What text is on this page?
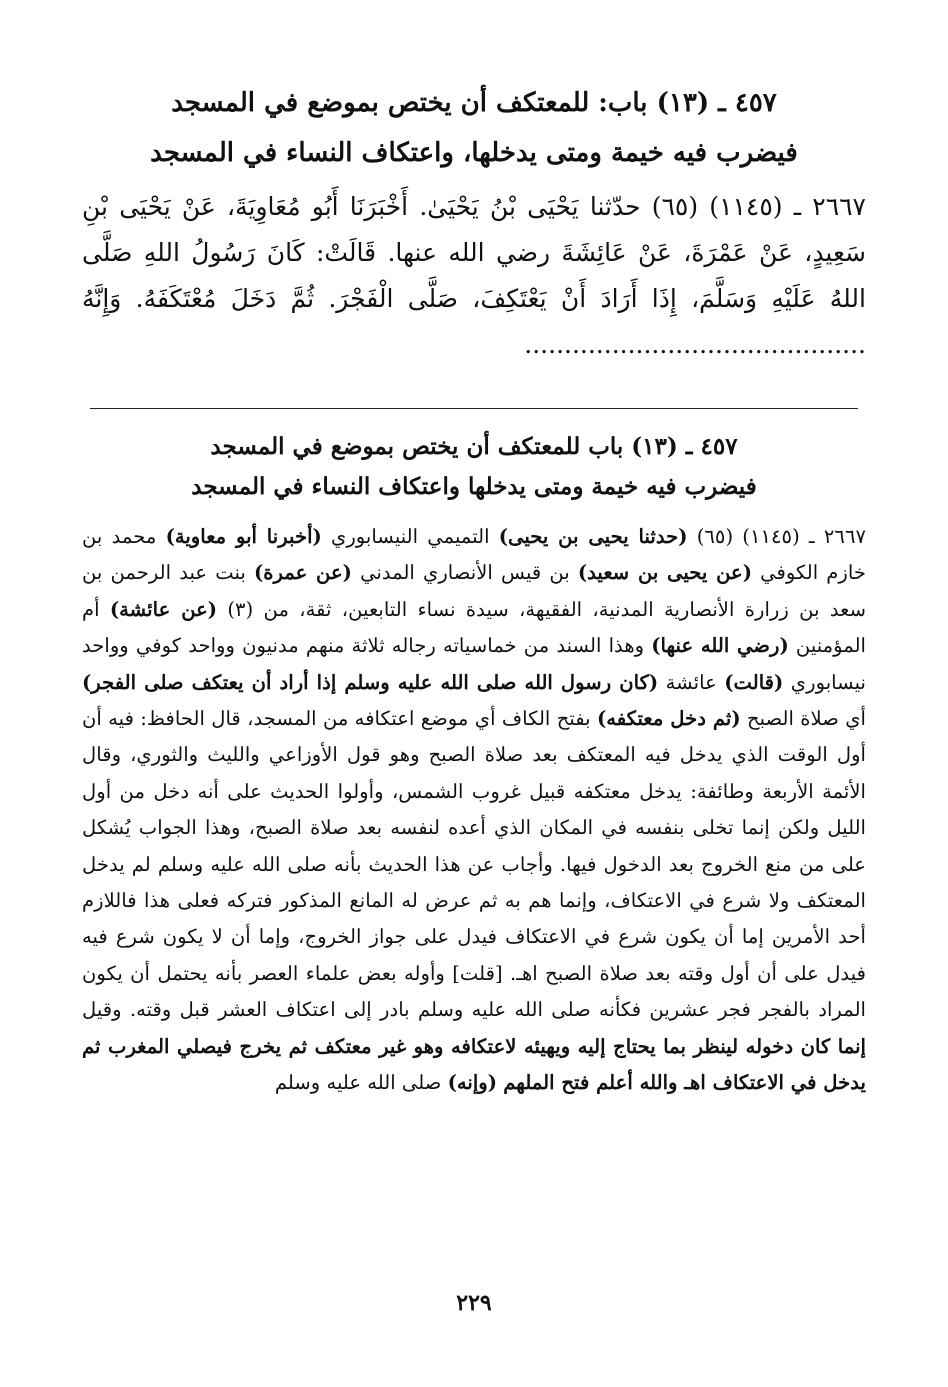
٤٥٧ ـ (١٣) باب: للمعتكف أن يختص بموضع في المسجد
فيضرب فيه خيمة ومتى يدخلها، واعتكاف النساء في المسجد
٢٦٦٧ ـ (١١٤٥) (٦٥) حدّثنا يَحْيَى بْنُ يَحْيَىٰ. أَخْبَرَنَا أَبُو مُعَاوِيَةَ، عَنْ يَحْيَى بْنِ سَعِيدٍ، عَنْ عَمْرَةَ، عَنْ عَائِشَةَ رضي الله عنها. قَالَتْ: كَانَ رَسُولُ اللهِ صَلَّى اللهُ عَلَيْهِ وَسَلَّمَ، إِذَا أَرَادَ أَنْ يَعْتَكِفَ، صَلَّى الْفَجْرَ. ثُمَّ دَخَلَ مُعْتَكَفَهُ. وَإِنَّهُ ...........................................
٤٥٧ ـ (١٣) باب للمعتكف أن يختص بموضع في المسجد
فيضرب فيه خيمة ومتى يدخلها واعتكاف النساء في المسجد
٢٦٦٧ ـ (١١٤٥) (٦٥) (حدثنا يحيى بن يحيى) التميمي النيسابوري (أخبرنا أبو معاوية) محمد بن خازم الكوفي (عن يحيى بن سعيد) بن قيس الأنصاري المدني (عن عمرة) بنت عبد الرحمن بن سعد بن زرارة الأنصارية المدنية، الفقيهة، سيدة نساء التابعين، ثقة، من (٣) (عن عائشة) أم المؤمنين (رضي الله عنها) وهذا السند من خماسياته رجاله ثلاثة منهم مدنيون وواحد كوفي وواحد نيسابوري (قالت) عائشة (كان رسول الله صلى الله عليه وسلم إذا أراد أن يعتكف صلى الفجر) أي صلاة الصبح (ثم دخل معتكفه) بفتح الكاف أي موضع اعتكافه من المسجد، قال الحافظ: فيه أن أول الوقت الذي يدخل فيه المعتكف بعد صلاة الصبح وهو قول الأوزاعي والليث والثوري، وقال الأئمة الأربعة وطائفة: يدخل معتكفه قبيل غروب الشمس، وأولوا الحديث على أنه دخل من أول الليل ولكن إنما تخلى بنفسه في المكان الذي أعده لنفسه بعد صلاة الصبح، وهذا الجواب يُشكل على من منع الخروج بعد الدخول فيها. وأجاب عن هذا الحديث بأنه صلى الله عليه وسلم لم يدخل المعتكف ولا شرع في الاعتكاف، وإنما هم به ثم عرض له المانع المذكور فتركه فعلى هذا فاللازم أحد الأمرين إما أن يكون شرع في الاعتكاف فيدل على جواز الخروج، وإما أن لا يكون شرع فيه فيدل على أن أول وقته بعد صلاة الصبح اهـ. [قلت] وأوله بعض علماء العصر بأنه يحتمل أن يكون المراد بالفجر فجر عشرين فكأنه صلى الله عليه وسلم بادر إلى اعتكاف العشر قبل وقته. وقيل إنما كان دخوله لينظر بما يحتاج إليه ويهيئه لاعتكافه وهو غير معتكف ثم يخرج فيصلي المغرب ثم يدخل في الاعتكاف اهـ والله أعلم فتح الملهم (وإنه) صلى الله عليه وسلم
٢٢٩
